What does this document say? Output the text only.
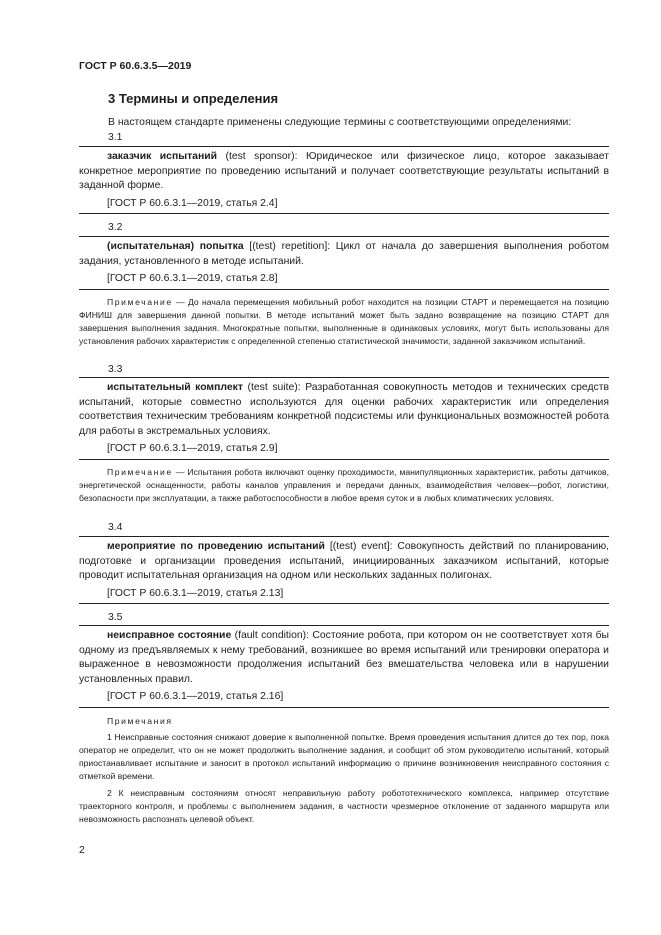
ГОСТ Р 60.6.3.5—2019
3 Термины и определения
В настоящем стандарте применены следующие термины с соответствующими определениями:
3.1

заказчик испытаний (test sponsor): Юридическое или физическое лицо, которое заказывает конкретное мероприятие по проведению испытаний и получает соответствующие результаты испытаний в заданной форме.

[ГОСТ Р 60.6.3.1—2019, статья 2.4]

3.2

(испытательная) попытка [(test) repetition]: Цикл от начала до завершения выполнения роботом задания, установленного в методе испытаний.

[ГОСТ Р 60.6.3.1—2019, статья 2.8]

Примечание — До начала перемещения мобильный робот находится на позиции СТАРТ и перемещается на позицию ФИНИШ для завершения данной попытки. В методе испытаний может быть задано возвращение на позицию СТАРТ для завершения выполнения задания. Многократные попытки, выполненные в одинаковых условиях, могут быть использованы для установления рабочих характеристик с определенной степенью статистической значимости, заданной заказчиком испытаний.

3.3

испытательный комплект (test suite): Разработанная совокупность методов и технических средств испытаний, которые совместно используются для оценки рабочих характеристик или определения соответствия техническим требованиям конкретной подсистемы или функциональных возможностей робота для работы в экстремальных условиях.

[ГОСТ Р 60.6.3.1—2019, статья 2.9]

Примечание — Испытания робота включают оценку проходимости, манипуляционных характеристик, работы датчиков, энергетической оснащенности, работы каналов управления и передачи данных, взаимодействия человек—робот, логистики, безопасности при эксплуатации, а также работоспособности в любое время суток и в любых климатических условиях.

3.4

мероприятие по проведению испытаний [(test) event]: Совокупность действий по планированию, подготовке и организации проведения испытаний, инициированных заказчиком испытаний, которые проводит испытательная организация на одном или нескольких заданных полигонах.

[ГОСТ Р 60.6.3.1—2019, статья 2.13]

3.5

неисправное состояние (fault condition): Состояние робота, при котором он не соответствует хотя бы одному из предъявляемых к нему требований, возникшее во время испытаний или тренировки оператора и выраженное в невозможности продолжения испытаний без вмешательства человека или в нарушении установленных правил.

[ГОСТ Р 60.6.3.1—2019, статья 2.16]

Примечания

1 Неисправные состояния снижают доверие к выполненной попытке. Время проведения испытания длится до тех пор, пока оператор не определит, что он не может продолжить выполнение задания, и сообщит об этом руководителю испытаний, который приостанавливает испытание и заносит в протокол испытаний информацию о причине возникновения неисправного состояния с отметкой времени.

2 К неисправным состояниям относят неправильную работу робототехнического комплекса, например отсутствие траекторного контроля, и проблемы с выполнением задания, в частности чрезмерное отклонение от заданного маршрута или невозможность распознать целевой объект.

2
